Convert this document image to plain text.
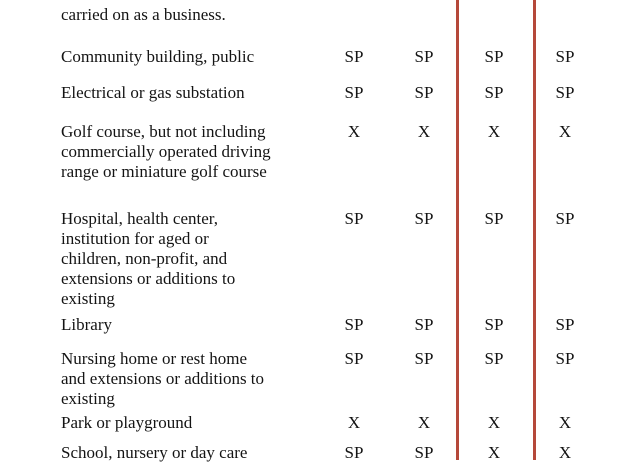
carried on as a business.
Community building, public	SP	SP	SP	SP
Electrical or gas substation	SP	SP	SP	SP
Golf course, but not including
commercially operated driving
range or miniature golf course
X	X	X	X
Hospital, health center,
institution for aged or
children, non-profit, and
extensions or additions to
existing
SP	SP	SP	SP
Library	SP	SP	SP	SP
Nursing home or rest home
and extensions or additions to
existing
SP	SP	SP	SP
Park or playground	X	X	X	X
School, nursery or day care	SP	SP	X	X
